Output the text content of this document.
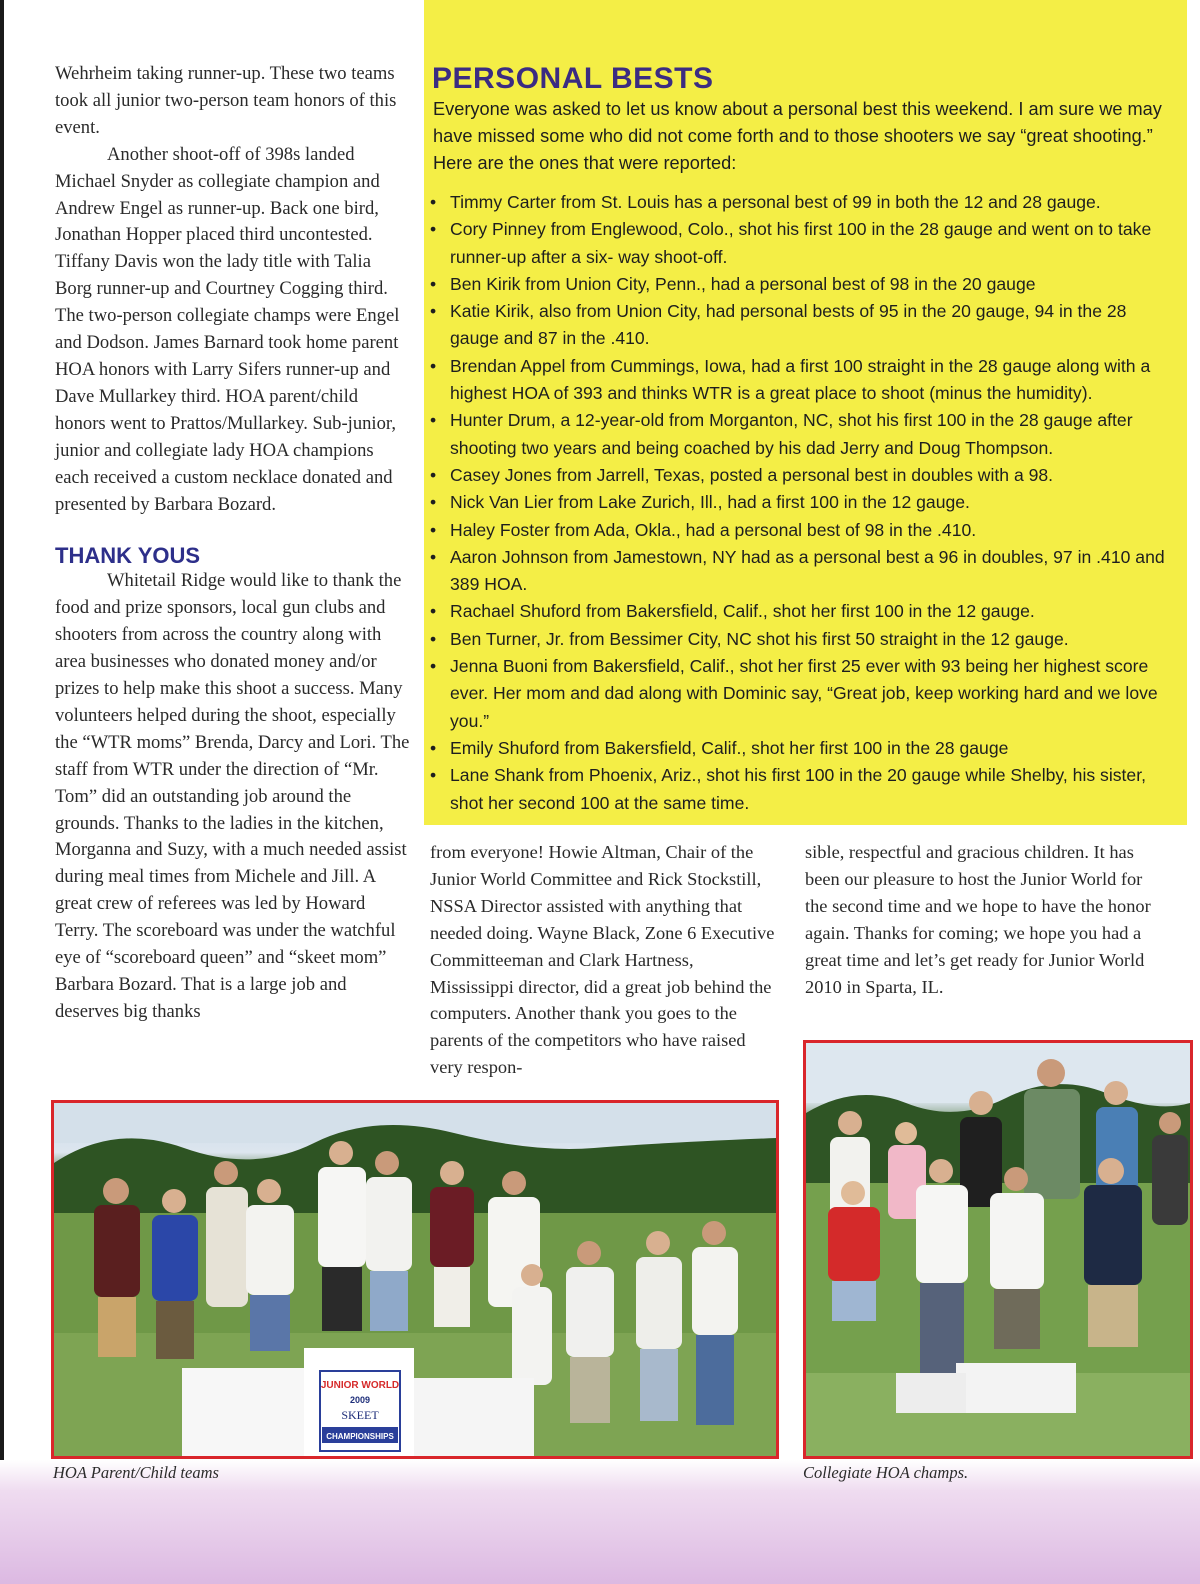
Wehrheim taking runner-up. These two teams took all junior two-person team honors of this event.

Another shoot-off of 398s landed Michael Snyder as collegiate champion and Andrew Engel as runner-up. Back one bird, Jonathan Hopper placed third uncontested. Tiffany Davis won the lady title with Talia Borg runner-up and Courtney Cogging third. The two-person collegiate champs were Engel and Dodson. James Barnard took home parent HOA honors with Larry Sifers runner-up and Dave Mullarkey third. HOA parent/child honors went to Prattos/Mullarkey. Sub-junior, junior and collegiate lady HOA champions each received a custom necklace donated and presented by Barbara Bozard.

THANK YOUS

Whitetail Ridge would like to thank the food and prize sponsors, local gun clubs and shooters from across the country along with area businesses who donated money and/or prizes to help make this shoot a success. Many volunteers helped during the shoot, especially the “WTR moms” Brenda, Darcy and Lori. The staff from WTR under the direction of “Mr. Tom” did an outstanding job around the grounds. Thanks to the ladies in the kitchen, Morganna and Suzy, with a much needed assist during meal times from Michele and Jill. A great crew of referees was led by Howard Terry. The scoreboard was under the watchful eye of “scoreboard queen” and “skeet mom” Barbara Bozard. That is a large job and deserves big thanks

PERSONAL BESTS

Everyone was asked to let us know about a personal best this weekend. I am sure we may have missed some who did not come forth and to those shooters we say “great shooting.” Here are the ones that were reported:

• Timmy Carter from St. Louis has a personal best of 99 in both the 12 and 28 gauge.
• Cory Pinney from Englewood, Colo., shot his first 100 in the 28 gauge and went on to take runner-up after a six- way shoot-off.
• Ben Kirik from Union City, Penn., had a personal best of 98 in the 20 gauge
• Katie Kirik, also from Union City, had personal bests of 95 in the 20 gauge, 94 in the 28 gauge and 87 in the .410.
• Brendan Appel from Cummings, Iowa, had a first 100 straight in the 28 gauge along with a highest HOA of 393 and thinks WTR is a great place to shoot (minus the humidity).
• Hunter Drum, a 12-year-old from Morganton, NC, shot his first 100 in the 28 gauge after shooting two years and being coached by his dad Jerry and Doug Thompson.
• Casey Jones from Jarrell, Texas, posted a personal best in doubles with a 98.
• Nick Van Lier from Lake Zurich, Ill., had a first 100 in the 12 gauge.
• Haley Foster from Ada, Okla., had a personal best of 98 in the .410.
• Aaron Johnson from Jamestown, NY had as a personal best a 96 in doubles, 97 in .410 and 389 HOA.
• Rachael Shuford from Bakersfield, Calif., shot her first 100 in the 12 gauge.
• Ben Turner, Jr. from Bessimer City, NC shot his first 50 straight in the 12 gauge.
• Jenna Buoni from Bakersfield, Calif., shot her first 25 ever with 93 being her highest score ever. Her mom and dad along with Dominic say, “Great job, keep working hard and we love you.”
• Emily Shuford from Bakersfield, Calif., shot her first 100 in the 28 gauge
• Lane Shank from Phoenix, Ariz., shot his first 100 in the 20 gauge while Shelby, his sister, shot her second 100 at the same time.

from everyone! Howie Altman, Chair of the Junior World Committee and Rick Stockstill, NSSA Director assisted with anything that needed doing. Wayne Black, Zone 6 Executive Committeeman and Clark Hartness, Mississippi director, did a great job behind the computers. Another thank you goes to the parents of the competitors who have raised very respon-

sible, respectful and gracious children. It has been our pleasure to host the Junior World for the second time and we hope to have the honor again. Thanks for coming; we hope you had a great time and let’s get ready for Junior World 2010 in Sparta, IL.

JUNIOR WORLD
2009
SKEET
CHAMPIONSHIPS
HOA Parent/Child teams	Collegiate HOA champs.
